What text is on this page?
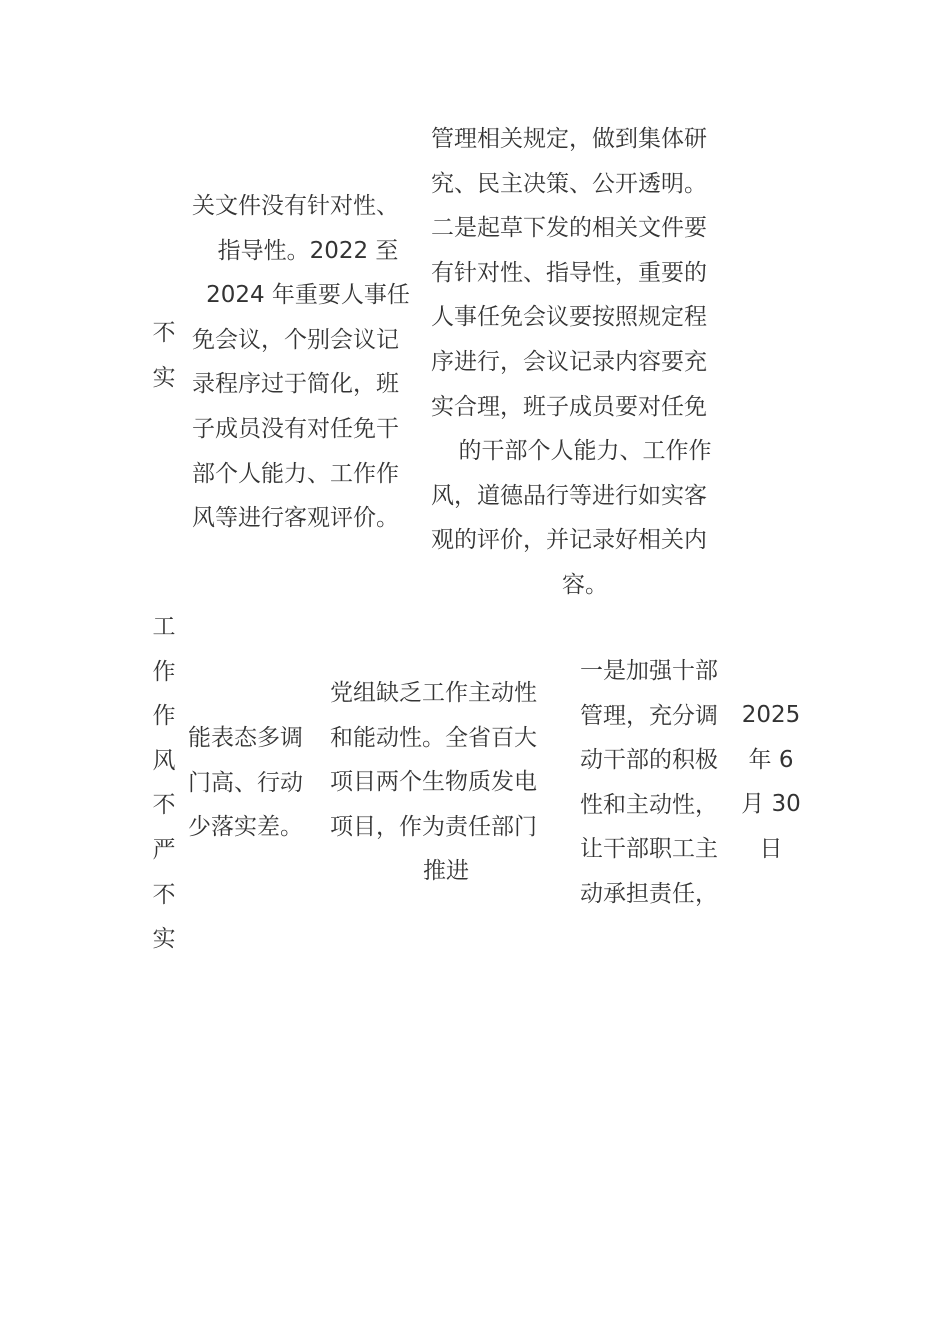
不
实
关文件没有针对性、
指导性。2022 至
2024 年重要人事任
免会议，个别会议记
录程序过于简化，班
子成员没有对任免干
部个人能力、工作作
风等进行客观评价。
管理相关规定，做到集体研
究、民主决策、公开透明。
二是起草下发的相关文件要
有针对性、指导性，重要的
人事任免会议要按照规定程
序进行，会议记录内容要充
实合理，班子成员要对任免
的干部个人能力、工作作
风，道德品行等进行如实客
观的评价，并记录好相关内
容。
工
作
作
风
不
严
不
实
能表态多调
门高、行动
少落实差。
党组缺乏工作主动性
和能动性。全省百大
项目两个生物质发电
项目，作为责任部门
推进
一是加强十部
管理，充分调
动干部的积极
性和主动性，
让干部职工主
动承担责任，
2025
年 6
月 30
日
